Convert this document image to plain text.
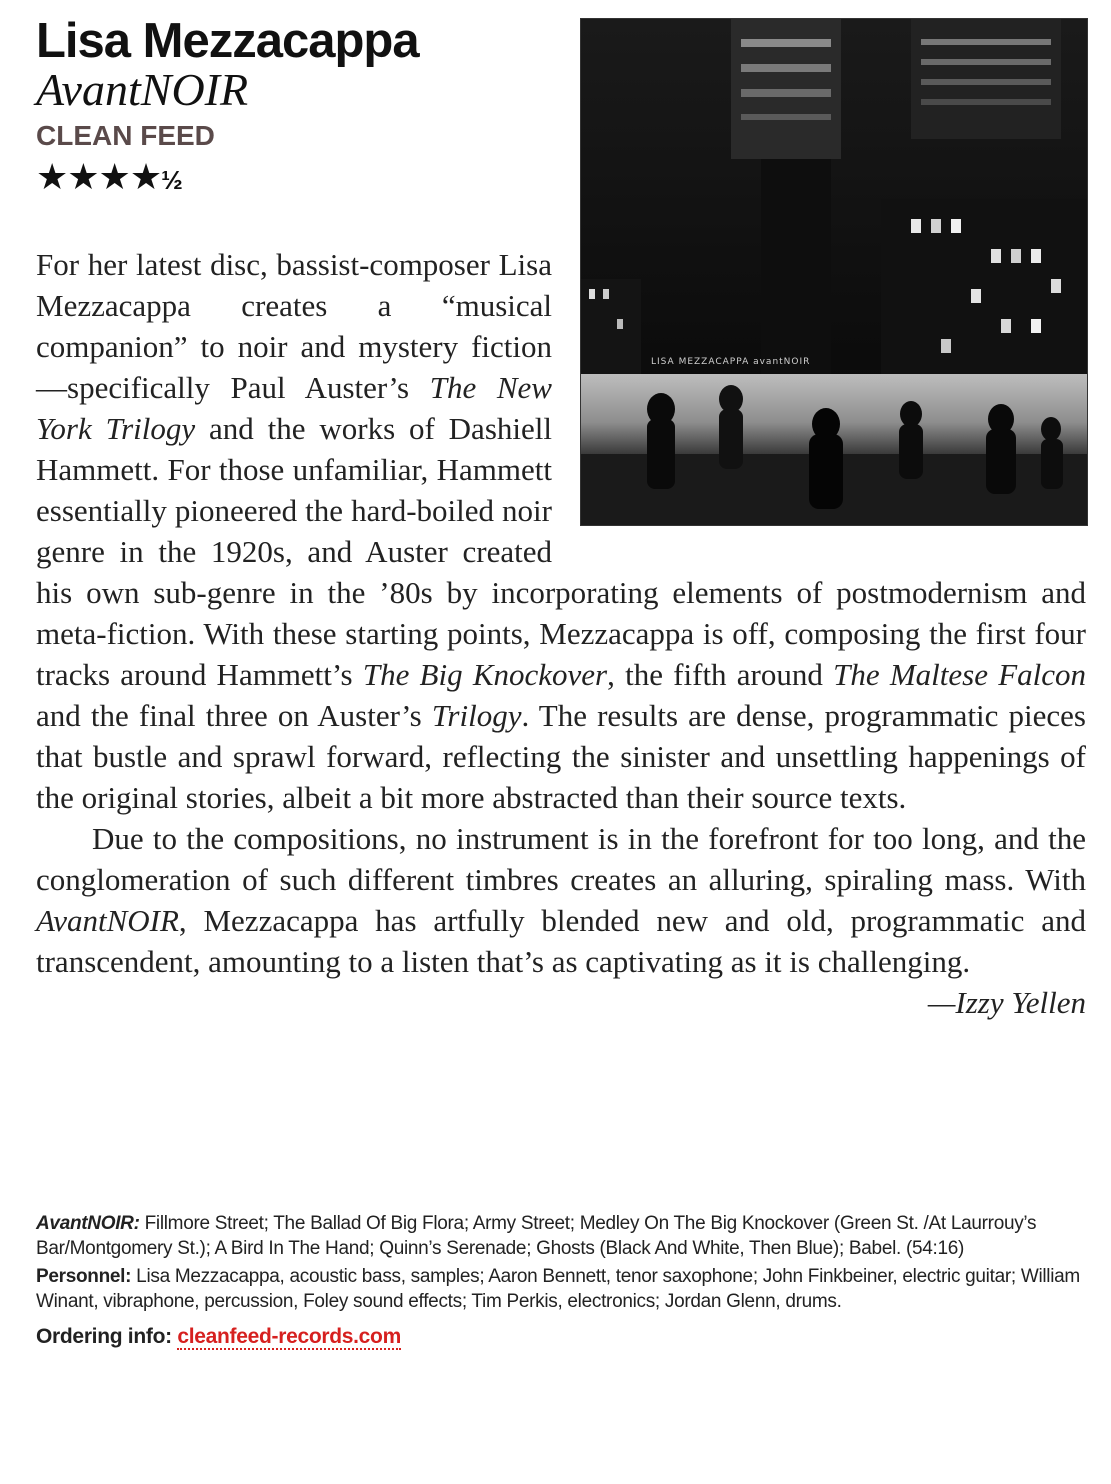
Lisa Mezzacappa
AvantNOIR
CLEAN FEED
★★★★½
LISA MEZZACAPPA avantNOIR

For her latest disc, bassist-composer Lisa Mezzacappa creates a “musical companion” to noir and mystery fiction—specifically Paul Auster’s The New York Trilogy and the works of Dashiell Hammett. For those unfamiliar, Hammett essentially pioneered the hard-boiled noir genre in the 1920s, and Auster created his own sub-genre in the ’80s by incorporating elements of postmodernism and meta-fiction. With these starting points, Mezzacappa is off, composing the first four tracks around Hammett’s The Big Knockover, the fifth around The Maltese Falcon and the final three on Auster’s Trilogy. The results are dense, programmatic pieces that bustle and sprawl forward, reflecting the sinister and unsettling happenings of the original stories, albeit a bit more abstracted than their source texts.

Due to the compositions, no instrument is in the forefront for too long, and the conglomeration of such different timbres creates an alluring, spiraling mass. With AvantNOIR, Mezzacappa has artfully blended new and old, programmatic and transcendent, amounting to a listen that’s as captivating as it is challenging.
—Izzy Yellen

AvantNOIR: Fillmore Street; The Ballad Of Big Flora; Army Street; Medley On The Big Knockover (Green St. /At Laurrouy’s Bar/Montgomery St.); A Bird In The Hand; Quinn’s Serenade; Ghosts (Black And White, Then Blue); Babel. (54:16)

Personnel: Lisa Mezzacappa, acoustic bass, samples; Aaron Bennett, tenor saxophone; John Finkbeiner, electric guitar; William Winant, vibraphone, percussion, Foley sound effects; Tim Perkis, electronics; Jordan Glenn, drums.

Ordering info: cleanfeed-records.com
